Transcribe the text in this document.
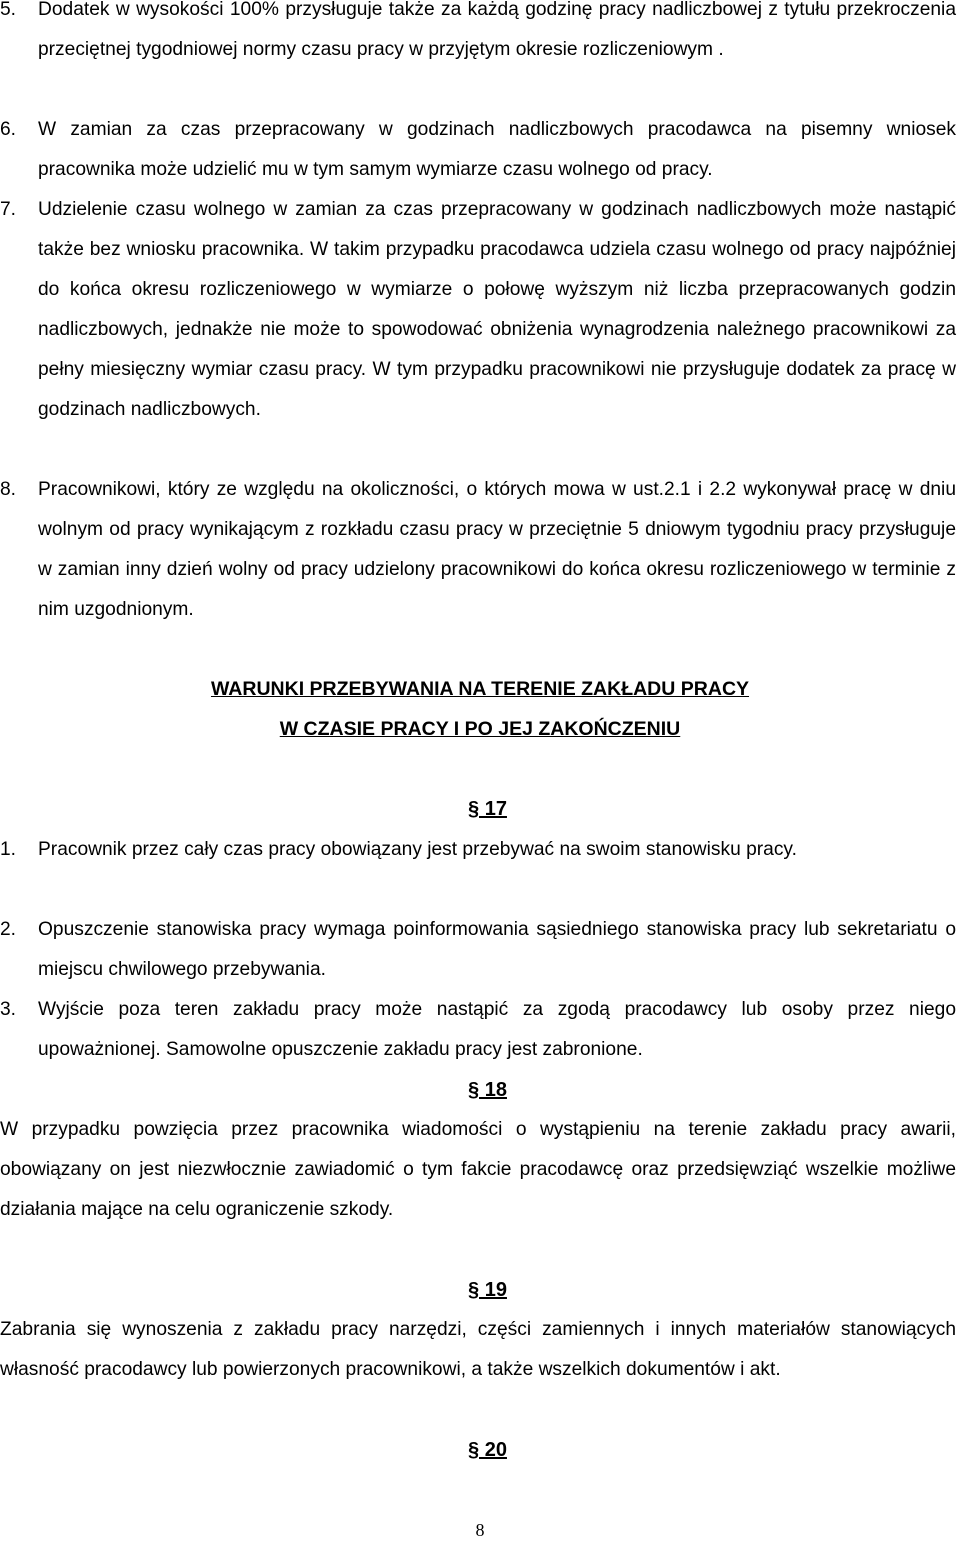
5.	Dodatek w wysokości 100% przysługuje także za każdą godzinę pracy nadliczbowej z tytułu przekroczenia przeciętnej tygodniowej normy czasu pracy w przyjętym okresie rozliczeniowym .
6.	W zamian za czas przepracowany w godzinach nadliczbowych pracodawca na pisemny wniosek pracownika może udzielić mu w tym samym wymiarze czasu wolnego od pracy.
7.	Udzielenie czasu wolnego w zamian za czas przepracowany w godzinach nadliczbowych może nastąpić także bez wniosku pracownika. W takim przypadku pracodawca udziela czasu wolnego od pracy najpóźniej do końca okresu rozliczeniowego w wymiarze o połowę wyższym niż liczba przepracowanych godzin nadliczbowych, jednakże nie może to spowodować obniżenia wynagrodzenia należnego pracownikowi za pełny miesięczny wymiar czasu pracy. W tym przypadku pracownikowi nie przysługuje dodatek za pracę w godzinach nadliczbowych.
8.	Pracownikowi, który ze względu na okoliczności, o których mowa w ust.2.1 i 2.2 wykonywał pracę w dniu wolnym od pracy wynikającym z rozkładu czasu pracy w przeciętnie 5 dniowym tygodniu pracy przysługuje w zamian inny dzień wolny od pracy udzielony pracownikowi do końca okresu rozliczeniowego w terminie z nim uzgodnionym.
WARUNKI PRZEBYWANIA NA TERENIE ZAKŁADU PRACY
W CZASIE PRACY I PO JEJ ZAKOŃCZENIU
§ 17
1.	Pracownik przez cały czas pracy obowiązany jest przebywać na swoim stanowisku pracy.
2.	Opuszczenie stanowiska pracy wymaga poinformowania sąsiedniego stanowiska pracy lub sekretariatu o miejscu chwilowego przebywania.
3.	Wyjście poza teren zakładu pracy może nastąpić za zgodą pracodawcy lub osoby przez niego upoważnionej. Samowolne opuszczenie zakładu pracy jest zabronione.
§ 18
W przypadku powzięcia przez pracownika wiadomości o wystąpieniu na terenie zakładu pracy awarii, obowiązany on jest niezwłocznie zawiadomić o tym fakcie pracodawcę oraz przedsięwziąć wszelkie możliwe działania mające na celu ograniczenie szkody.
§ 19
Zabrania się wynoszenia z zakładu pracy narzędzi, części zamiennych i innych materiałów stanowiących własność pracodawcy lub powierzonych pracownikowi, a także wszelkich dokumentów i akt.
§ 20
8
